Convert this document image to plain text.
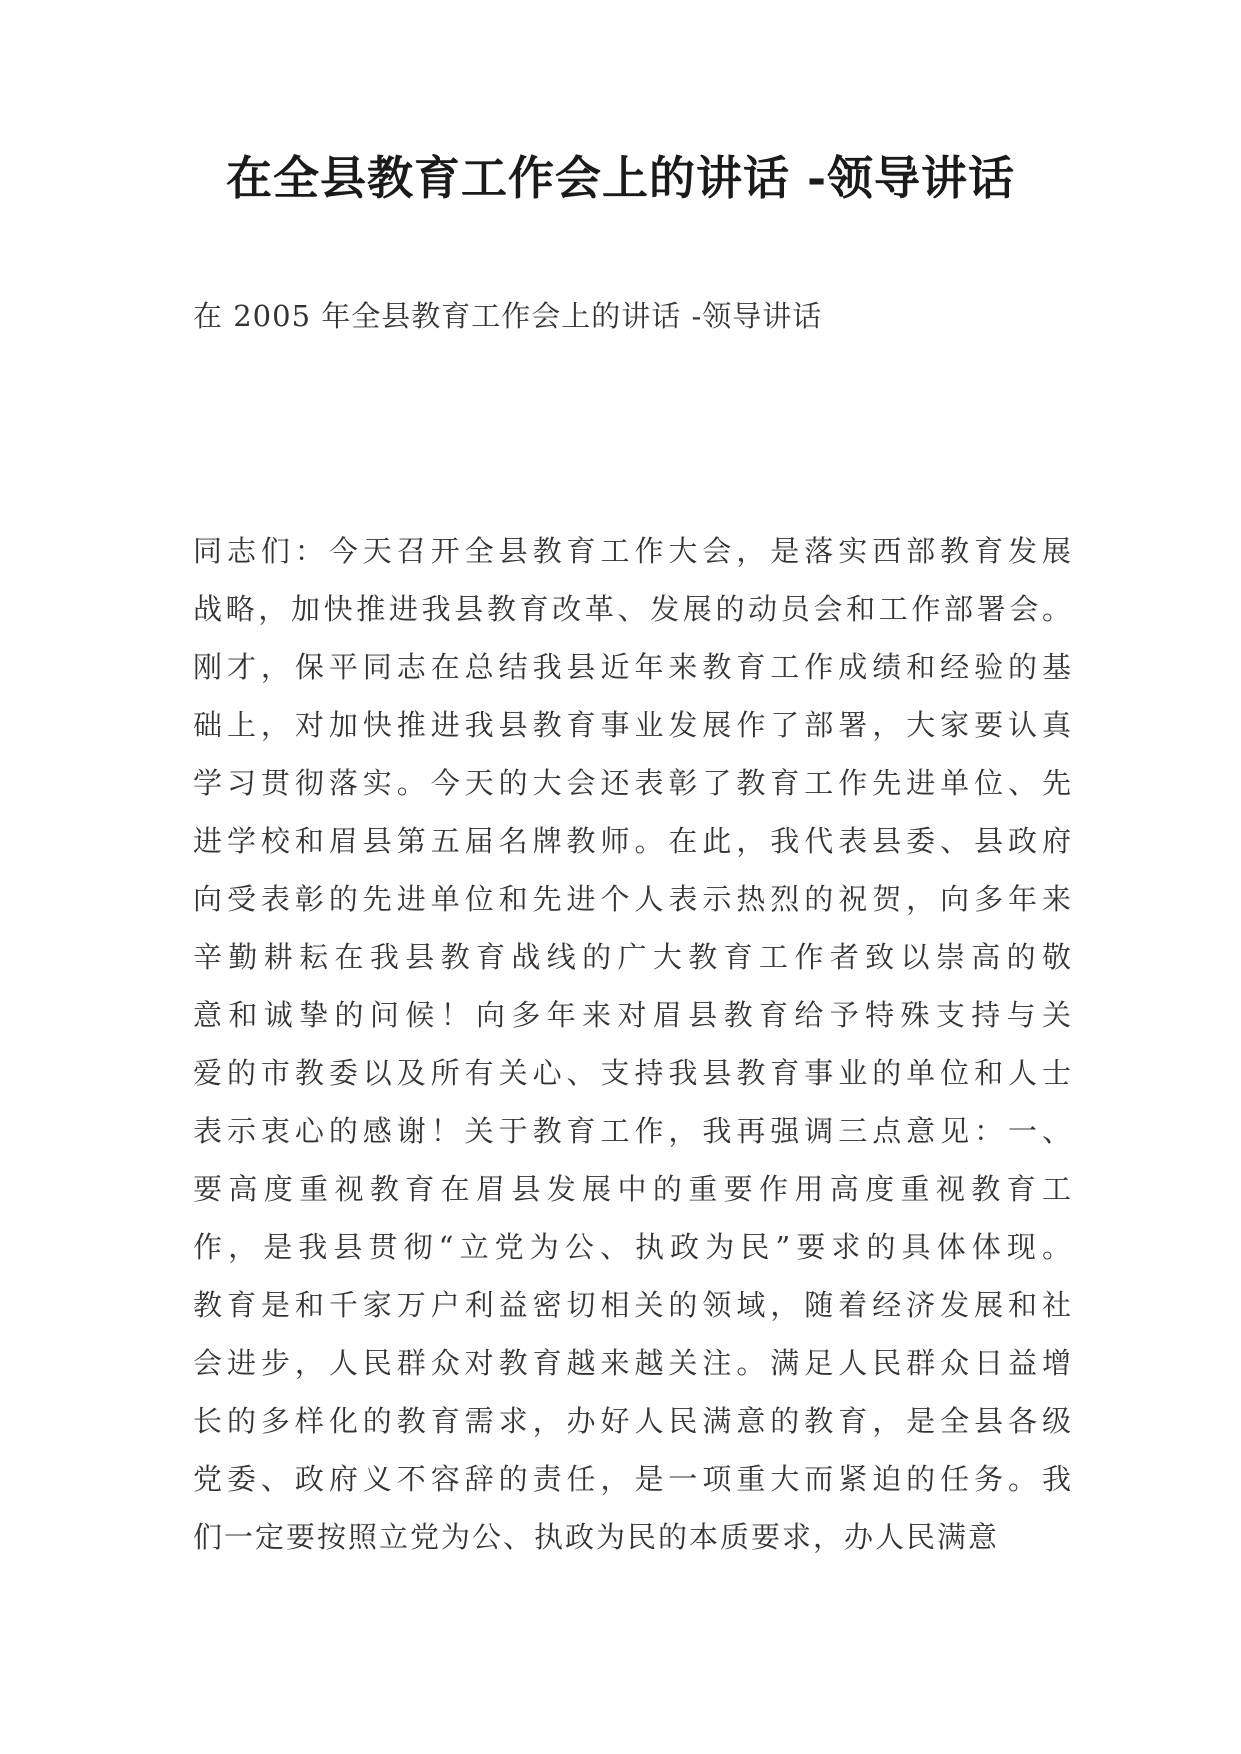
在全县教育工作会上的讲话 -领导讲话

在 2005 年全县教育工作会上的讲话 -领导讲话

同志们：今天召开全县教育工作大会，是落实西部教育发展
战略，加快推进我县教育改革、发展的动员会和工作部署会。
刚才，保平同志在总结我县近年来教育工作成绩和经验的基
础上，对加快推进我县教育事业发展作了部署，大家要认真
学习贯彻落实。今天的大会还表彰了教育工作先进单位、先
进学校和眉县第五届名牌教师。在此，我代表县委、县政府
向受表彰的先进单位和先进个人表示热烈的祝贺，向多年来
辛勤耕耘在我县教育战线的广大教育工作者致以崇高的敬
意和诚挚的问候！向多年来对眉县教育给予特殊支持与关
爱的市教委以及所有关心、支持我县教育事业的单位和人士
表示衷心的感谢！关于教育工作，我再强调三点意见：一、
要高度重视教育在眉县发展中的重要作用高度重视教育工
作，是我县贯彻“立党为公、执政为民”要求的具体体现。
教育是和千家万户利益密切相关的领域，随着经济发展和社
会进步，人民群众对教育越来越关注。满足人民群众日益增
长的多样化的教育需求，办好人民满意的教育，是全县各级
党委、政府义不容辞的责任，是一项重大而紧迫的任务。我
们一定要按照立党为公、执政为民的本质要求，办人民满意
